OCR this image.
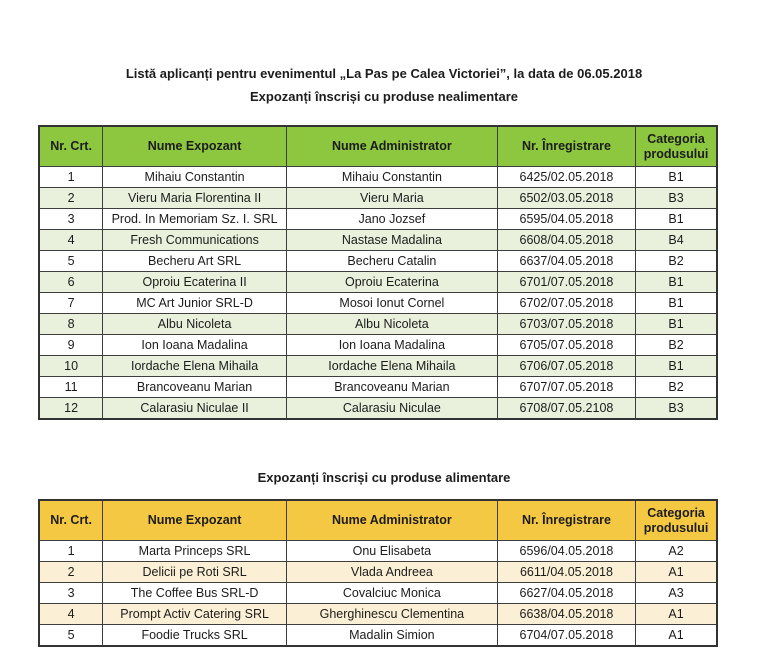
Listă aplicanți pentru evenimentul „La Pas pe Calea Victoriei”, la data de 06.05.2018

Expozanți înscriși cu produse nealimentare

Nr. Crt.	Nume Expozant	Nume Administrator	Nr. Înregistrare	Categoria produsului
1	Mihaiu Constantin	Mihaiu Constantin	6425/02.05.2018	B1
2	Vieru Maria Florentina II	Vieru Maria	6502/03.05.2018	B3
3	Prod. In Memoriam Sz. I. SRL	Jano Jozsef	6595/04.05.2018	B1
4	Fresh Communications	Nastase Madalina	6608/04.05.2018	B4
5	Becheru Art SRL	Becheru Catalin	6637/04.05.2018	B2
6	Oproiu Ecaterina II	Oproiu Ecaterina	6701/07.05.2018	B1
7	MC Art Junior SRL-D	Mosoi Ionut Cornel	6702/07.05.2018	B1
8	Albu Nicoleta	Albu Nicoleta	6703/07.05.2018	B1
9	Ion Ioana Madalina	Ion Ioana Madalina	6705/07.05.2018	B2
10	Iordache Elena Mihaila	Iordache Elena Mihaila	6706/07.05.2018	B1
11	Brancoveanu Marian	Brancoveanu Marian	6707/07.05.2018	B2
12	Calarasiu Niculae II	Calarasiu Niculae	6708/07.05.2108	B3

Expozanți înscriși cu produse alimentare

Nr. Crt.	Nume Expozant	Nume Administrator	Nr. Înregistrare	Categoria produsului
1	Marta Princeps SRL	Onu Elisabeta	6596/04.05.2018	A2
2	Delicii pe Roti SRL	Vlada Andreea	6611/04.05.2018	A1
3	The Coffee Bus SRL-D	Covalciuc Monica	6627/04.05.2018	A3
4	Prompt Activ Catering SRL	Gherghinescu Clementina	6638/04.05.2018	A1
5	Foodie Trucks SRL	Madalin Simion	6704/07.05.2018	A1
